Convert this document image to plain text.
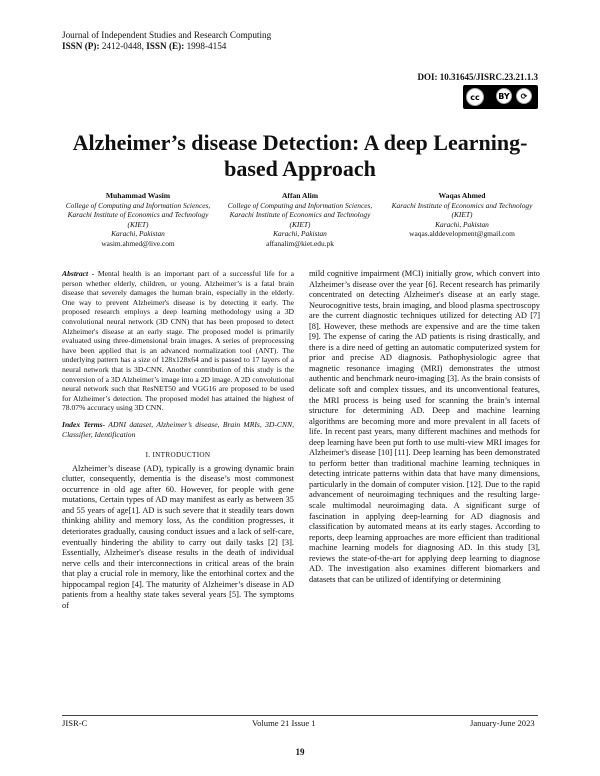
Journal of Independent Studies and Research Computing
ISSN (P): 2412-0448, ISSN (E): 1998-4154
DOI: 10.31645/JISRC.23.21.1.3
cc	BY	⟳
Alzheimer’s disease Detection: A deep Learning-based Approach
Muhammad Wasim
College of Computing and Information Sciences, Karachi Institute of Economics and Technology (KIET)
Karachi, Pakistan
wasim.ahmed@live.com
Affan Alim
College of Computing and Information Sciences, Karachi Institute of Economics and Technology (KIET)
Karachi, Pakistan
affanalim@kiet.edu.pk
Waqas Ahmed
Karachi Institute of Economics and Technology (KIET)
Karachi, Pakistan
waqas.alddevelopment@gmail.com

Abstract - Mental health is an important part of a successful life for a person whether elderly, children, or young. Alzheimer’s is a fatal brain disease that severely damages the human brain, especially in the elderly. One way to prevent Alzheimer's disease is by detecting it early. The proposed research employs a deep learning methodology using a 3D convolutional neural network (3D CNN) that has been proposed to detect Alzheimer's disease at an early stage. The proposed model is primarily evaluated using three-dimensional brain images. A series of preprocessing have been applied that is an advanced normalization tool (ANT). The underlying pattern has a size of 128x128x64 and is passed to 17 layers of a neural network that is 3D-CNN. Another contribution of this study is the conversion of a 3D Alzheimer’s image into a 2D image. A 2D convolutional neural network such that ResNET50 and VGG16 are proposed to be used for Alzheimer’s detection. The proposed model has attained the highest of 78.07% accuracy using 3D CNN.

Index Terms- ADNI dataset, Alzheimer’s disease, Brain MRIs, 3D-CNN, Classifier, Identification

I. INTRODUCTION

Alzheimer’s disease (AD), typically is a growing dynamic brain clutter, consequently, dementia is the disease’s most commonest occurrence in old age after 60. However, for people with gene mutations, Certain types of AD may manifest as early as between 35 and 55 years of age[1]. AD is such severe that it steadily tears down thinking ability and memory loss, As the condition progresses, it deteriorates gradually, causing conduct issues and a lack of self-care, eventually hindering the ability to carry out daily tasks [2] [3]. Essentially, Alzheimer's disease results in the death of individual nerve cells and their interconnections in critical areas of the brain that play a crucial role in memory, like the entorhinal cortex and the hippocampal region [4]. The maturity of Alzheimer’s disease in AD patients from a healthy state takes several years [5]. The symptoms of

mild cognitive impairment (MCI) initially grow, which convert into Alzheimer’s disease over the year [6]. Recent research has primarily concentrated on detecting Alzheimer's disease at an early stage. Neurocognitive tests, brain imaging, and blood plasma spectroscopy are the current diagnostic techniques utilized for detecting AD [7][8]. However, these methods are expensive and are the time taken [9]. The expense of caring the AD patients is rising drastically, and there is a dire need of getting an automatic computerized system for prior and precise AD diagnosis. Pathophysiologic agree that magnetic resonance imaging (MRI) demonstrates the utmost authentic and benchmark neuro-imaging [3]. As the brain consists of delicate soft and complex tissues, and its unconventional features, the MRI process is being used for scanning the brain’s internal structure for determining AD. Deep and machine learning algorithms are becoming more and more prevalent in all facets of life. In recent past years, many different machines and methods for deep learning have been put forth to use multi-view MRI images for Alzheimer's disease [10] [11]. Deep learning has been demonstrated to perform better than traditional machine learning techniques in detecting intricate patterns within data that have many dimensions, particularly in the domain of computer vision. [12]. Due to the rapid advancement of neuroimaging techniques and the resulting large-scale multimodal neuroimaging data. A significant surge of fascination in applying deep-learning for AD diagnosis and classification by automated means at its early stages. According to reports, deep learning approaches are more efficient than traditional machine learning models for diagnosing AD. In this study [3], reviews the state-of-the-art for applying deep learning to diagnose AD. The investigation also examines different biomarkers and datasets that can be utilized of identifying or determining

JISR-C	Volume 21 Issue 1	January-June 2023
19
